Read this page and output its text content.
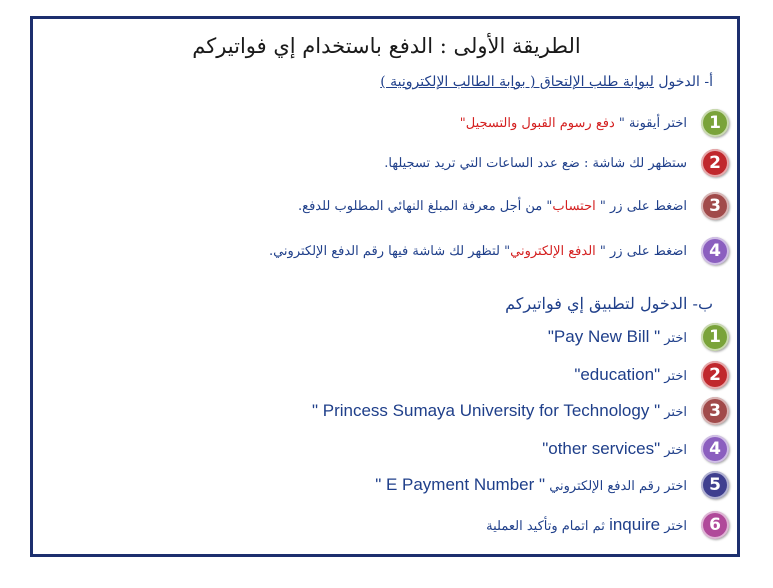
الطريقة الأولى : الدفع باستخدام إي فواتيركم
أ- الدخول لبوابة طلب الإلتحاق ( بوابة الطالب الإلكترونية )
1
اختر أيقونة " دفع رسوم القبول والتسجيل"
2
ستظهر لك شاشة : ضع عدد الساعات التي تريد تسجيلها.
3
اضغط على زر " احتساب" من أجل معرفة المبلغ النهائي المطلوب للدفع.
4
اضغط على زر " الدفع الإلكتروني" لتظهر لك شاشة فيها رقم الدفع الإلكتروني.
ب- الدخول لتطبيق إي فواتيركم
1
اختر "Pay New Bill "
2
اختر "education"
3
اختر " Princess Sumaya University for Technology "
4
اختر "other services"
5
اختر رقم الدفع الإلكتروني " E Payment Number "
6
اختر inquire ثم اتمام وتأكيد العملية
